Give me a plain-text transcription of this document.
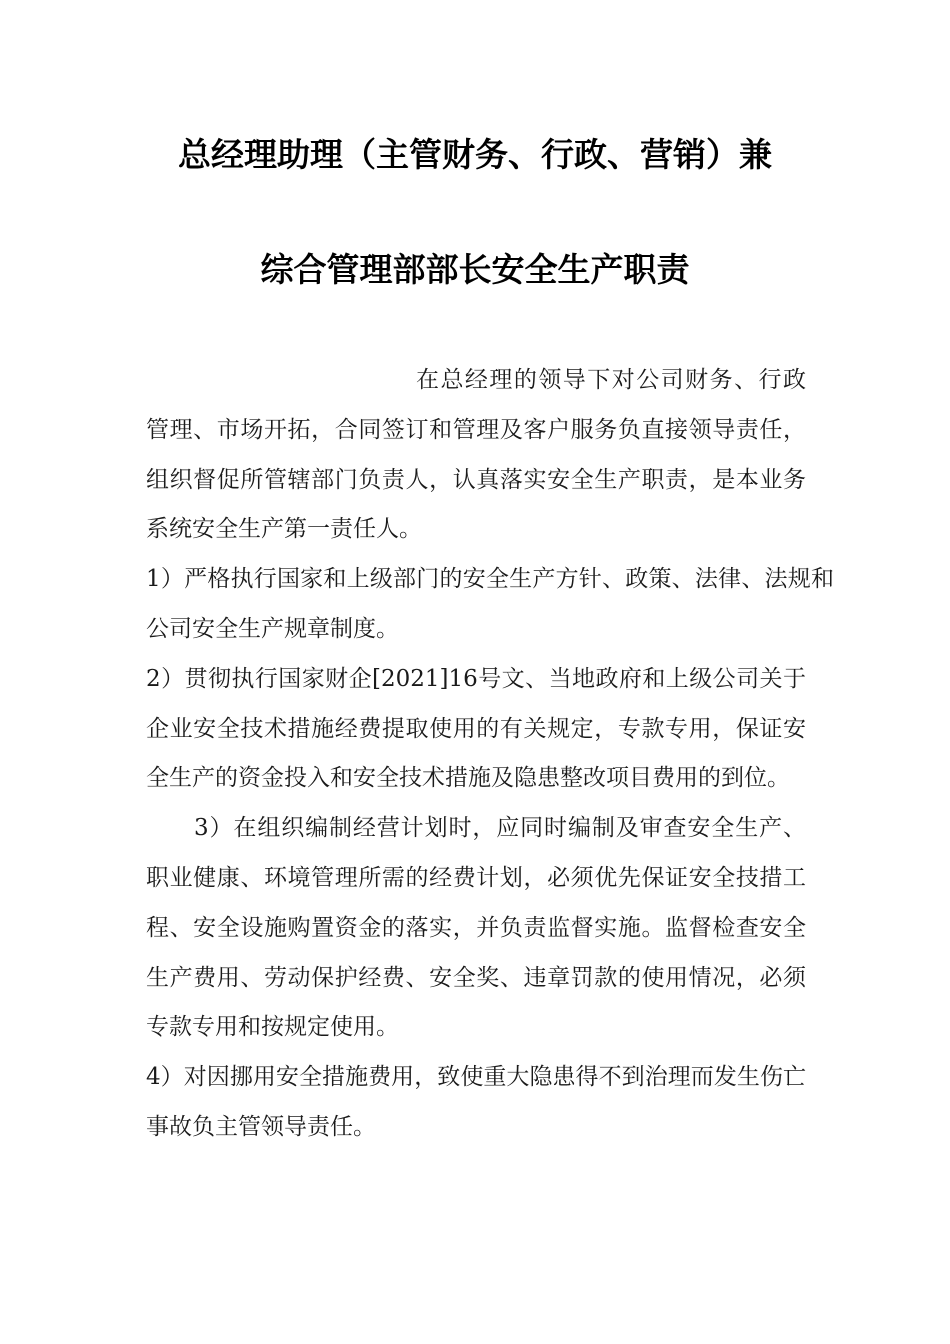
总经理助理（主管财务、行政、营销）兼
综合管理部部长安全生产职责

在总经理的领导下对公司财务、行政管理、市场开拓，合同签订和管理及客户服务负直接领导责任，组织督促所管辖部门负责人，认真落实安全生产职责，是本业务系统安全生产第一责任人。

1）严格执行国家和上级部门的安全生产方针、政策、法律、法规和公司安全生产规章制度。

2）贯彻执行国家财企[2021]16号文、当地政府和上级公司关于企业安全技术措施经费提取使用的有关规定，专款专用，保证安全生产的资金投入和安全技术措施及隐患整改项目费用的到位。

3）在组织编制经营计划时，应同时编制及审查安全生产、职业健康、环境管理所需的经费计划，必须优先保证安全技措工程、安全设施购置资金的落实，并负责监督实施。监督检查安全生产费用、劳动保护经费、安全奖、违章罚款的使用情况，必须专款专用和按规定使用。

4）对因挪用安全措施费用，致使重大隐患得不到治理而发生伤亡事故负主管领导责任。
